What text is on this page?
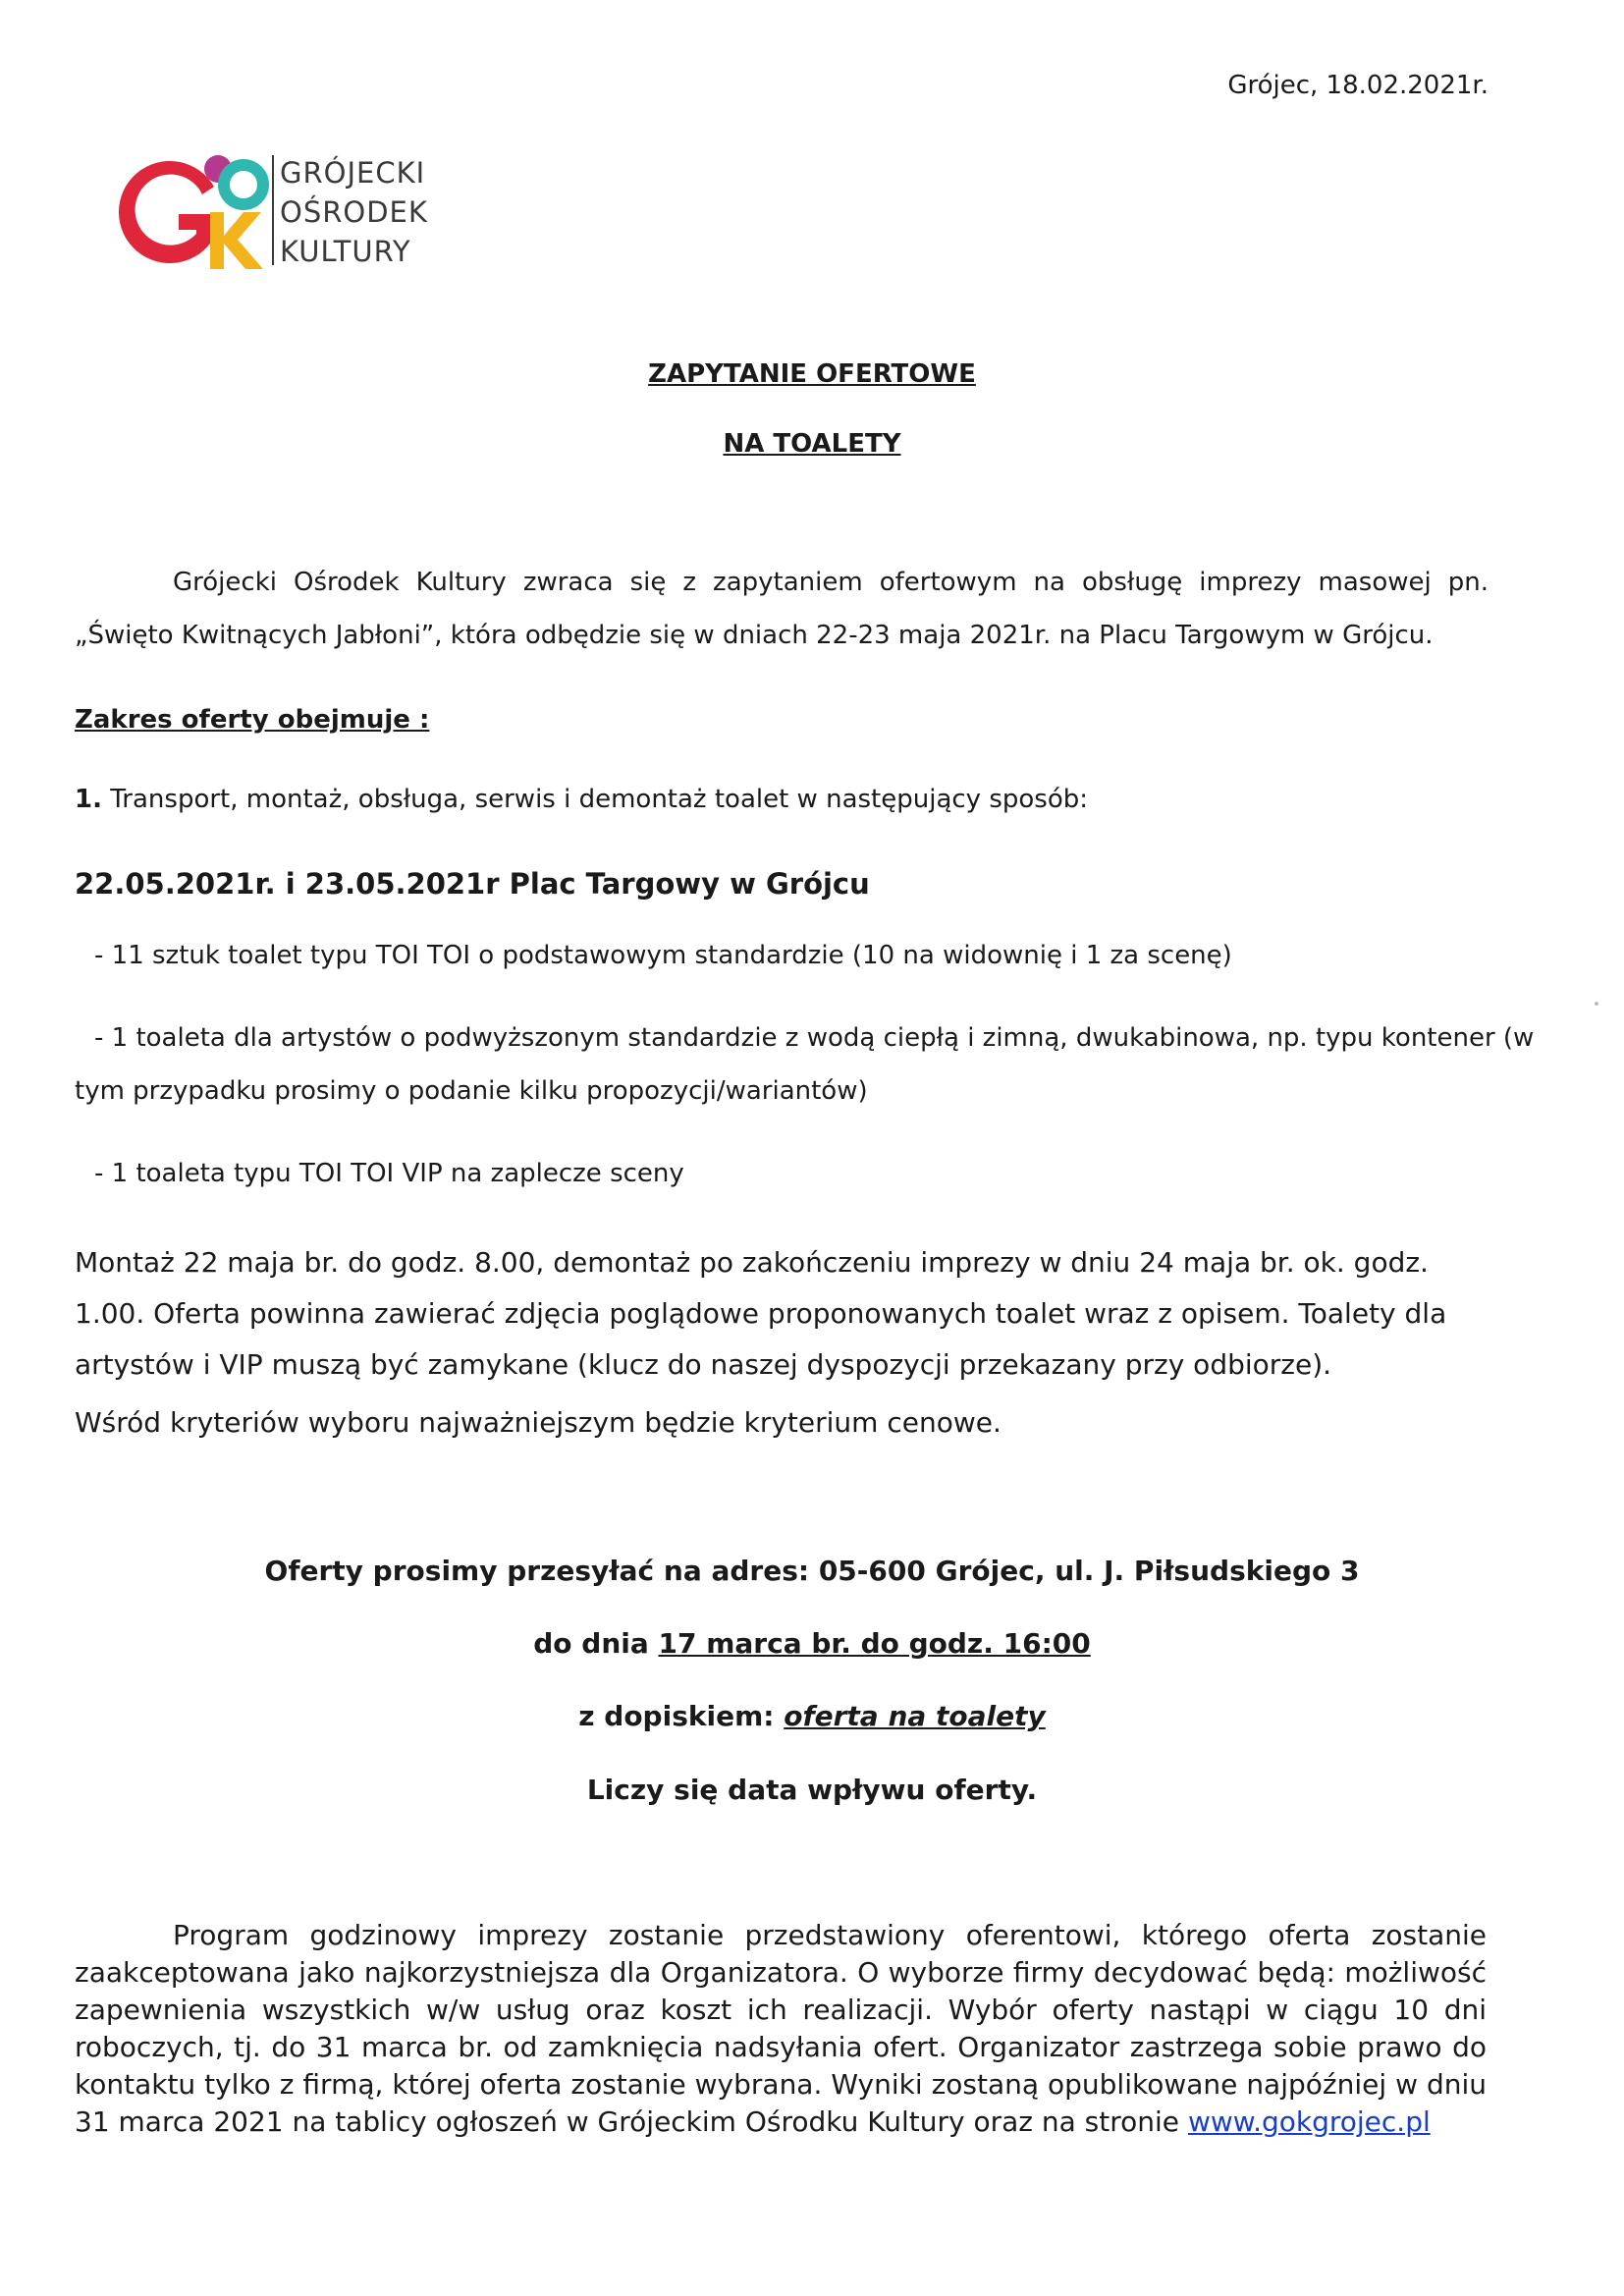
Grójec, 18.02.2021r.
GRÓJECKI
OŚRODEK
KULTURY
ZAPYTANIE OFERTOWE
NA TOALETY
Grójecki Ośrodek Kultury zwraca się z zapytaniem ofertowym na obsługę imprezy masowej pn. „Święto Kwitnących Jabłoni”, która odbędzie się w dniach 22-23 maja 2021r. na Placu Targowym w Grójcu.
Zakres oferty obejmuje :
1. Transport, montaż, obsługa, serwis i demontaż toalet w następujący sposób:
22.05.2021r. i 23.05.2021r Plac Targowy w Grójcu
- 11 sztuk toalet typu TOI TOI o podstawowym standardzie (10 na widownię i 1 za scenę)
- 1 toaleta dla artystów o podwyższonym standardzie z wodą ciepłą i zimną, dwukabinowa, np. typu kontener (w
tym przypadku prosimy o podanie kilku propozycji/wariantów)
- 1 toaleta typu TOI TOI VIP na zaplecze sceny
Montaż 22 maja br. do godz. 8.00, demontaż po zakończeniu imprezy w dniu 24 maja br. ok. godz. 1.00. Oferta powinna zawierać zdjęcia poglądowe proponowanych toalet wraz z opisem. Toalety dla artystów i VIP muszą być zamykane (klucz do naszej dyspozycji przekazany przy odbiorze).
Wśród kryteriów wyboru najważniejszym będzie kryterium cenowe.
Oferty prosimy przesyłać na adres: 05-600 Grójec, ul. J. Piłsudskiego 3
do dnia 17 marca br. do godz. 16:00
z dopiskiem: oferta na toalety
Liczy się data wpływu oferty.
Program godzinowy imprezy zostanie przedstawiony oferentowi, którego oferta zostanie zaakceptowana jako najkorzystniejsza dla Organizatora. O wyborze firmy decydować będą: możliwość zapewnienia wszystkich w/w usług oraz koszt ich realizacji. Wybór oferty nastąpi w ciągu 10 dni roboczych, tj. do 31 marca br. od zamknięcia nadsyłania ofert. Organizator zastrzega sobie prawo do kontaktu tylko z firmą, której oferta zostanie wybrana. Wyniki zostaną opublikowane najpóźniej w dniu 31 marca 2021 na tablicy ogłoszeń w Grójeckim Ośrodku Kultury oraz na stronie www.gokgrojec.pl
